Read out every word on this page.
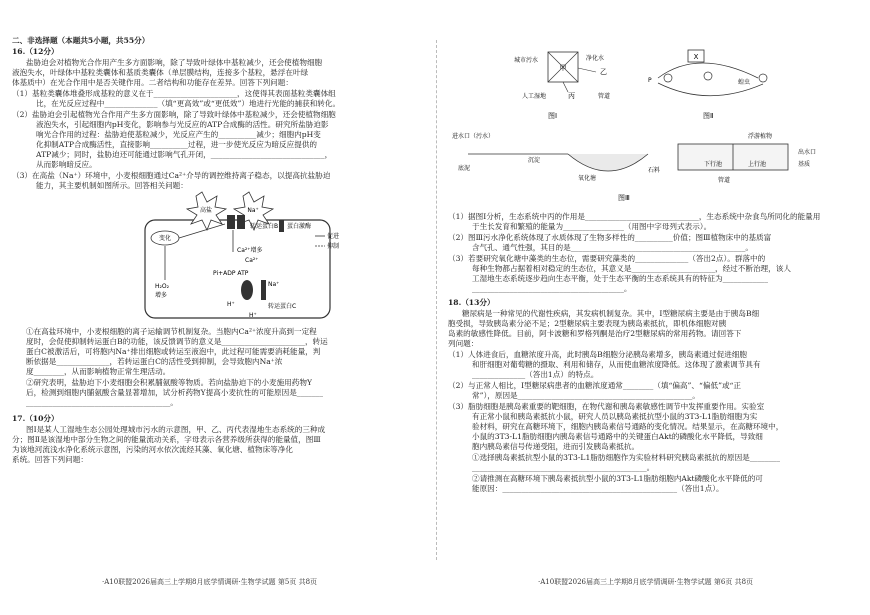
二、非选择题（本题共5小题，共55分）
16.（12分）
盐胁迫会对植物光合作用产生多方面影响，除了导致叶绿体中基粒减少，还会使植物细胞
液泡失水，叶绿体中基粒类囊体和基质类囊体（单层膜结构，连接多个基粒，悬浮在叶绿
体基质中）在光合作用中是否关键作用。二者结构和功能存在差异。回答下列问题：
（1）基粒类囊体堆叠形成基粒的意义在于______________________，这使得其表面基粒类囊体组
比，在光反应过程中______________（填“更高效”或“更低效”）地进行光能的捕获和转化。
（2）盐胁迫会引起植物光合作用产生多方面影响，除了导致叶绿体中基粒减少，还会使植物细胞
液泡失水，引起细胞内pH变化，影响参与光反应的ATP合成酶的活性。研究所盐胁迫影
响光合作用的过程：盐胁迫使基粒减少，光反应产生的__________减少；细胞内pH变
化抑制ATP合成酶活性，直接影响__________过程，进一步使光反应为暗反应提供的
ATP减少；同时，盐胁迫还可能通过影响气孔开闭，______________________________，
从而影响暗反应。
（3）在高盐（Na⁺）环境中，小麦根细胞通过Ca²⁺介导的调控维持离子稳态，以提高抗盐胁迫
能力，其主要机制如图所示。回答相关问题：
高盐	Na⁺
变化
转运蛋白B 蛋白激酶
促进
抑制
H₂O₂
增多
Ca²⁺增多
Ca²⁺
Pi+ADP ATP
Na⁺
H⁺	转运蛋白C
H⁺
①在高盐环境中，小麦根细胞的离子运输调节机制复杂。当胞内Ca²⁺浓度升高到一定程
度时，会促使抑制转运蛋白B的功能，该反馈调节的意义是______________________，转运
蛋白C被激活后，可将胞内Na⁺排出细胞或转运至液泡中，此过程可能需要消耗能量，判
断依据是______________，若转运蛋白C的活性受到抑制，会导致胞内Na⁺浓
度________，从而影响植物正常生理活动。
②研究表明，盐胁迫下小麦细胞会积累脯氨酸等物质。若向盐胁迫下的小麦施用药物Y
后，检测到细胞内脯氨酸含量显著增加，试分析药物Y提高小麦抗性的可能原因是_______
______________________________________。
17.（10分）
图Ⅰ是某人工湿地生态公园处理城市污水的示意图，甲、乙、丙代表湿地生态系统的三种成
分；图Ⅱ是该湿地中部分生物之间的能量流动关系，字母表示各营养级所获得的能量值，图Ⅲ
为该地河流浅水净化系统示意图，污染的河水依次流经其藻、氧化塘、植物床等净化
系统。回答下列问题：
·A10联盟2026届高三上学期8月底学情调研·生物学试题 第5页 共8页
城市污水
甲
净化水
乙
丙
人工湿地	管道
图Ⅰ
X
P	蝗虫
图Ⅱ
进水口（污水）	浮游植物
下行池	上行池
出水口
基质
底泥
沉淀
氧化塘
石料
管道
图Ⅲ
（1）据图Ⅰ分析，生态系统中丙的作用是______________________________，生态系统中杂食鸟所同化的能量用
于生长发育和繁殖的能量为________________（用图中字母列式表示）。
（2）图Ⅲ污水净化系统体现了水质体现了生物多样性的__________价值；图Ⅲ植物床中的基质富
含气孔、通气性强，其目的是______________________________________________。
（3）若要研究氧化塘中藻类的生态位，需要研究藻类的______________（答出2点）。群落中的
每种生物都占据着相对稳定的生态位，其意义是______________________，经过不断治理，该人
工湿地生态系统逐步趋向生态平衡，处于生态平衡的生态系统具有的特征为____________
________________________________________。
18.（13分）
糖尿病是一种常见的代谢性疾病，其发病机制复杂。其中，Ⅰ型糖尿病主要是由于胰岛B细
胞受损，导致胰岛素分泌不足；2型糖尿病主要表现为胰岛素抵抗，即机体细胞对胰
岛素的敏感性降低。目前，阿卡波糖和罗格列酮是治疗2型糖尿病的常用药物。请回答下
列问题：
（1）人体进食后，血糖浓度升高，此时胰岛B细胞分泌胰岛素增多，胰岛素通过促进细胞
和肝细胞对葡萄糖的摄取、利用和储存，从而使血糖浓度降低。这体现了激素调节具有
______________（答出1点）的特点。
（2）与正常人相比，Ⅰ型糖尿病患者的血糖浓度通常________（填“偏高”、“偏低”或“正
常”），原因是______________________________________________。
（3）脂肪细胞是胰岛素重要的靶细胞，在物代谢和胰岛素敏感性调节中发挥重要作用。实验室
有正常小鼠和胰岛素抵抗小鼠，研究人员以胰岛素抵抗型小鼠的3T3-L1脂肪细胞为实
验材料，研究在高糖环境下，细胞内胰岛素信号通路的变化情况。结果显示，在高糖环境中，
小鼠的3T3-L1脂肪细胞内胰岛素信号通路中的关键蛋白Akt的磷酸化水平降低，导致细
胞内胰岛素信号传递受阻，进而引发胰岛素抵抗。
①选择胰岛素抵抗型小鼠的3T3-L1脂肪细胞作为实验材料研究胰岛素抵抗的原因是________
______________________________________________。
②请推测在高糖环境下胰岛素抵抗型小鼠的3T3-L1脂肪细胞内Akt磷酸化水平降低的可
能原因：______________________________________________（答出1点）。
·A10联盟2026届高三上学期8月底学情调研·生物学试题 第6页 共8页
